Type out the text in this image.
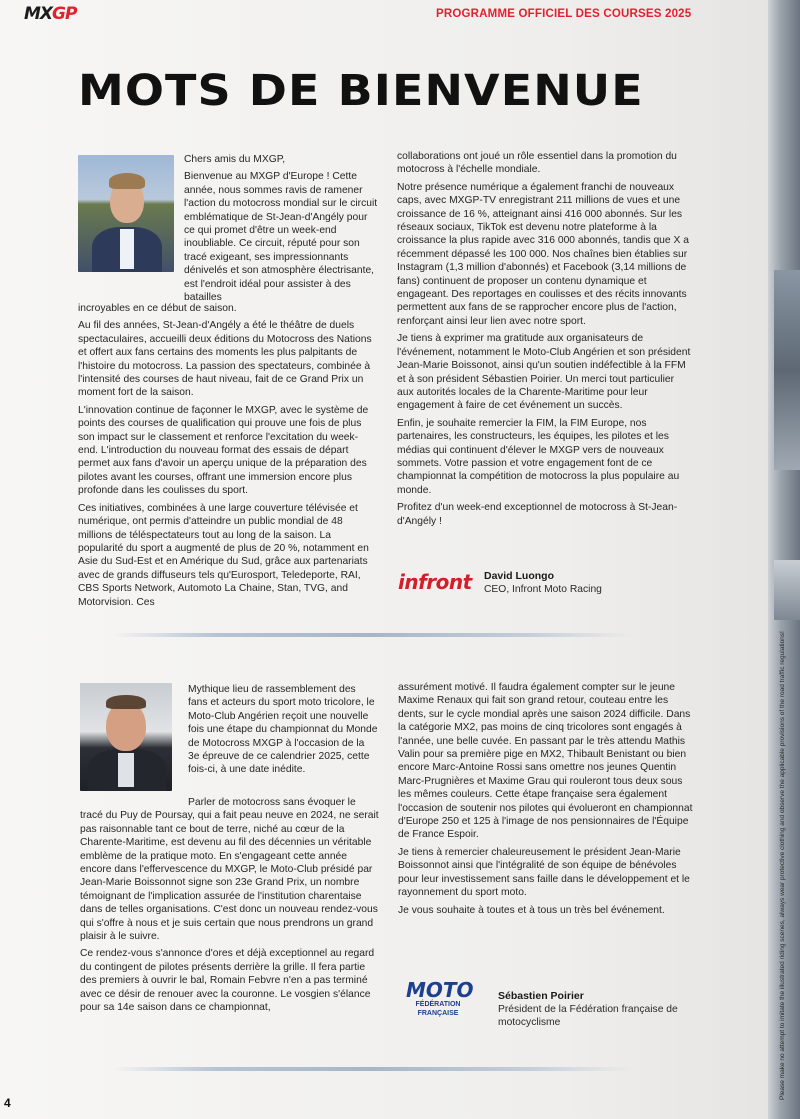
Please make no attempt to imitate the illustrated riding scenes, always wear protective clothing and observe the applicable provisions of the road traffic regulations!
MXGP	PROGRAMME OFFICIEL DES COURSES 2025
MOTS DE BIENVENUE

Chers amis du MXGP,

Bienvenue au MXGP d'Europe ! Cette année, nous sommes ravis de ramener l'action du motocross mondial sur le circuit emblématique de St-Jean-d'Angély pour ce qui promet d'être un week-end inoubliable. Ce circuit, réputé pour son tracé exigeant, ses impressionnants dénivelés et son atmosphère électrisante, est l'endroit idéal pour assister à des batailles

incroyables en ce début de saison.

Au fil des années, St-Jean-d'Angély a été le théâtre de duels spectaculaires, accueilli deux éditions du Motocross des Nations et offert aux fans certains des moments les plus palpitants de l'histoire du motocross. La passion des spectateurs, combinée à l'intensité des courses de haut niveau, fait de ce Grand Prix un moment fort de la saison.

L'innovation continue de façonner le MXGP, avec le système de points des courses de qualification qui prouve une fois de plus son impact sur le classement et renforce l'excitation du week-end. L'introduction du nouveau format des essais de départ permet aux fans d'avoir un aperçu unique de la préparation des pilotes avant les courses, offrant une immersion encore plus profonde dans les coulisses du sport.

Ces initiatives, combinées à une large couverture télévisée et numérique, ont permis d'atteindre un public mondial de 48 millions de téléspectateurs tout au long de la saison. La popularité du sport a augmenté de plus de 20 %, notamment en Asie du Sud-Est et en Amérique du Sud, grâce aux partenariats avec de grands diffuseurs tels qu'Eurosport, Teledeporte, RAI, CBS Sports Network, Automoto La Chaine, Stan, TVG, and Motorvision. Ces

collaborations ont joué un rôle essentiel dans la promotion du motocross à l'échelle mondiale.

Notre présence numérique a également franchi de nouveaux caps, avec MXGP-TV enregistrant 211 millions de vues et une croissance de 16 %, atteignant ainsi 416 000 abonnés. Sur les réseaux sociaux, TikTok est devenu notre plateforme à la croissance la plus rapide avec 316 000 abonnés, tandis que X a récemment dépassé les 100 000. Nos chaînes bien établies sur Instagram (1,3 million d'abonnés) et Facebook (3,14 millions de fans) continuent de proposer un contenu dynamique et engageant. Des reportages en coulisses et des récits innovants permettent aux fans de se rapprocher encore plus de l'action, renforçant ainsi leur lien avec notre sport.

Je tiens à exprimer ma gratitude aux organisateurs de l'événement, notamment le Moto-Club Angérien et son président Jean-Marie Boissonot, ainsi qu'un soutien indéfectible à la FFM et à son président Sébastien Poirier. Un merci tout particulier aux autorités locales de la Charente-Maritime pour leur engagement à faire de cet événement un succès.

Enfin, je souhaite remercier la FIM, la FIM Europe, nos partenaires, les constructeurs, les équipes, les pilotes et les médias qui continuent d'élever le MXGP vers de nouveaux sommets. Votre passion et votre engagement font de ce championnat la compétition de motocross la plus populaire au monde.

Profitez d'un week-end exceptionnel de motocross à St-Jean-d'Angély !

infront David Luongo
CEO, Infront Moto Racing

Mythique lieu de rassemblement des fans et acteurs du sport moto tricolore, le Moto-Club Angérien reçoit une nouvelle fois une étape du championnat du Monde de Motocross MXGP à l'occasion de la 3e épreuve de ce calendrier 2025, cette fois-ci, à une date inédite.

Parler de motocross sans évoquer le tracé du Puy de Poursay, qui a fait peau neuve en 2024, ne serait pas raisonnable tant ce bout de terre, niché au cœur de la Charente-Maritime, est devenu au fil des décennies un véritable emblème de la pratique moto. En s'engageant cette année encore dans l'effervescence du MXGP, le Moto-Club présidé par Jean-Marie Boissonnot signe son 23e Grand Prix, un nombre témoignant de l'implication assurée de l'institution charentaise dans de telles organisations. C'est donc un nouveau rendez-vous qui s'offre à nous et je suis certain que nous prendrons un grand plaisir à le suivre.

Ce rendez-vous s'annonce d'ores et déjà exceptionnel au regard du contingent de pilotes présents derrière la grille. Il fera partie des premiers à ouvrir le bal, Romain Febvre n'en a pas terminé avec ce désir de renouer avec la couronne. Le vosgien s'élance pour sa 14e saison dans ce championnat,

assurément motivé. Il faudra également compter sur le jeune Maxime Renaux qui fait son grand retour, couteau entre les dents, sur le cycle mondial après une saison 2024 difficile. Dans la catégorie MX2, pas moins de cinq tricolores sont engagés à l'année, une belle cuvée. En passant par le très attendu Mathis Valin pour sa première pige en MX2, Thibault Benistant ou bien encore Marc-Antoine Rossi sans omettre nos jeunes Quentin Marc-Prugnières et Maxime Grau qui rouleront tous deux sous les mêmes couleurs. Cette étape française sera également l'occasion de soutenir nos pilotes qui évolueront en championnat d'Europe 250 et 125 à l'image de nos pensionnaires de l'Équipe de France Espoir.

Je tiens à remercier chaleureusement le président Jean-Marie Boissonnot ainsi que l'intégralité de son équipe de bénévoles pour leur investissement sans faille dans le développement et le rayonnement du sport moto.

Je vous souhaite à toutes et à tous un très bel événement.

MOTO
FÉDÉRATION
FRANÇAISE
Sébastien Poirier
Président de la Fédération française de motocyclisme
4
